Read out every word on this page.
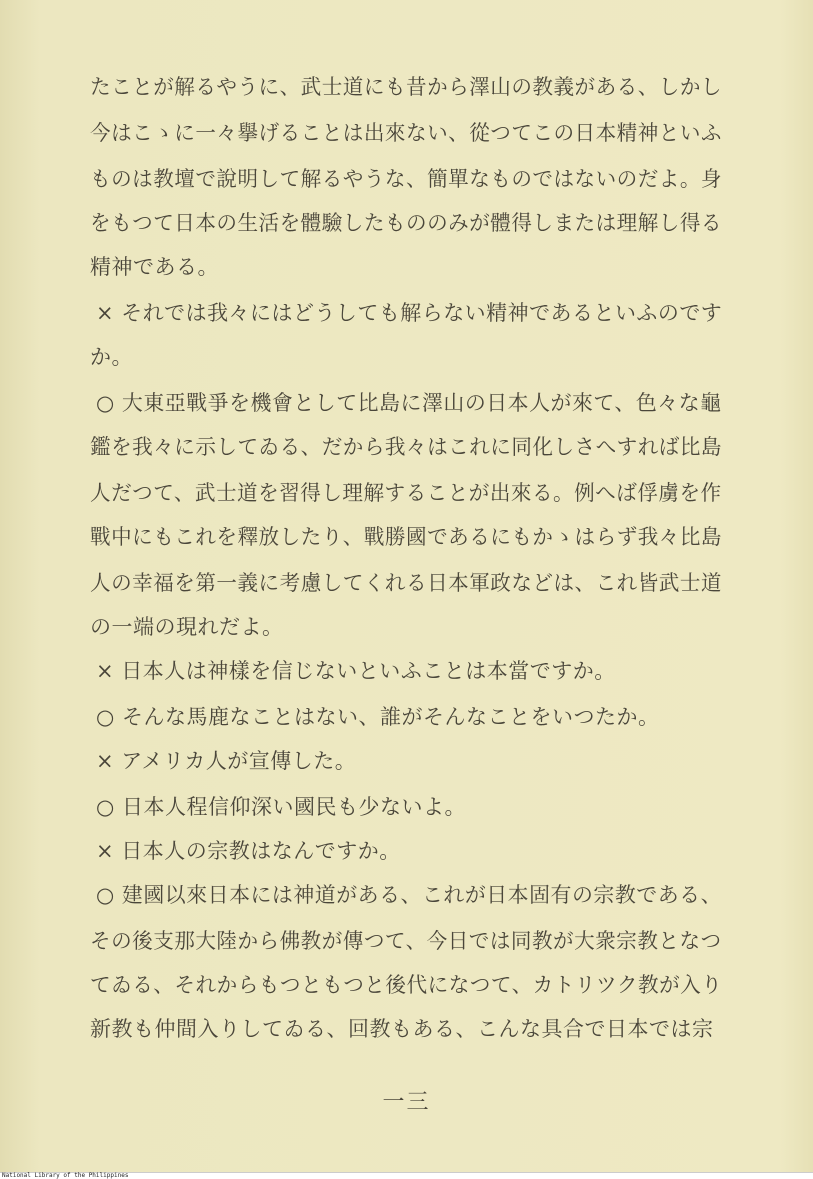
たことが解るやうに、武士道にも昔から澤山の教義がある、しかし
今はこゝに一々擧げることは出來ない、從つてこの日本精神といふ
ものは教壇で說明して解るやうな、簡單なものではないのだよ。身
をもつて日本の生活を體驗したもののみが體得しまたは理解し得る
精神である。
× それでは我々にはどうしても解らない精神であるといふのです
か。
○ 大東亞戰爭を機會として比島に澤山の日本人が來て、色々な龜
鑑を我々に示してゐる、だから我々はこれに同化しさへすれば比島
人だつて、武士道を習得し理解することが出來る。例へば俘虜を作
戰中にもこれを釋放したり、戰勝國であるにもかゝはらず我々比島
人の幸福を第一義に考慮してくれる日本軍政などは、これ皆武士道
の一端の現れだよ。
× 日本人は神樣を信じないといふことは本當ですか。
○ そんな馬鹿なことはない、誰がそんなことをいつたか。
× アメリカ人が宣傳した。
○ 日本人程信仰深い國民も少ないよ。
× 日本人の宗教はなんですか。
○ 建國以來日本には神道がある、これが日本固有の宗教である、
その後支那大陸から佛教が傳つて、今日では同教が大衆宗教となつ
てゐる、それからもつともつと後代になつて、カトリツク教が入り
新教も仲間入りしてゐる、回教もある、こんな具合で日本では宗
一三
National Library of the Philippines
